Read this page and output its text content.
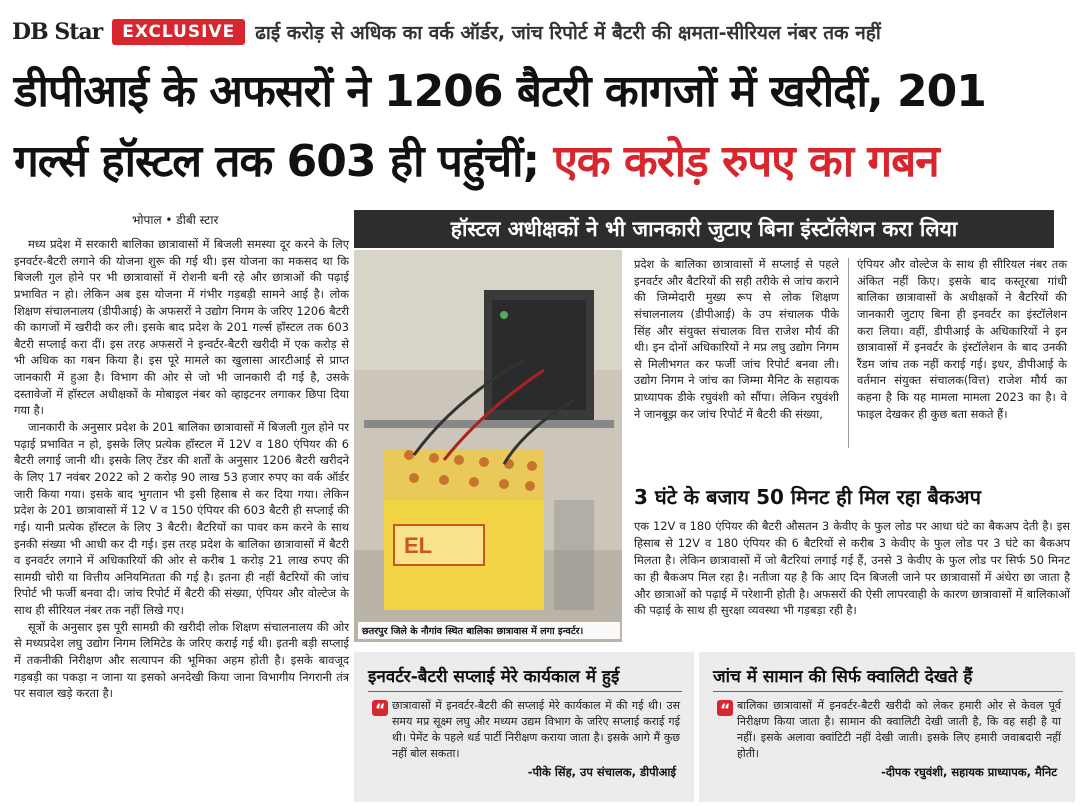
DB Star	EXCLUSIVE	ढाई करोड़ से अधिक का वर्क ऑर्डर, जांच रिपोर्ट में बैटरी की क्षमता-सीरियल नंबर तक नहीं
डीपीआई के अफसरों ने 1206 बैटरी कागजों में खरीदीं, 201
गर्ल्स हॉस्टल तक 603 ही पहुंचीं; एक करोड़ रुपए का गबन
भोपाल • डीबी स्टार

मध्य प्रदेश में सरकारी बालिका छात्रावासों में बिजली समस्या दूर करने के लिए इनवर्टर-बैटरी लगाने की योजना शुरू की गई थी। इस योजना का मकसद था कि बिजली गुल होने पर भी छात्रावासों में रोशनी बनी रहे और छात्राओं की पढ़ाई प्रभावित न हो। लेकिन अब इस योजना में गंभीर गड़बड़ी सामने आई है। लोक शिक्षण संचालनालय (डीपीआई) के अफसरों ने उद्योग निगम के जरिए 1206 बैटरी की कागजों में खरीदी कर ली। इसके बाद प्रदेश के 201 गर्ल्स हॉस्टल तक 603 बैटरी सप्लाई करा दीं। इस तरह अफसरों ने इन्वर्टर-बैटरी खरीदी में एक करोड़ से भी अधिक का गबन किया है। इस पूरे मामले का खुलासा आरटीआई से प्राप्त जानकारी में हुआ है। विभाग की ओर से जो भी जानकारी दी गई है, उसके दस्तावेजों में हॉस्टल अधीक्षकों के मोबाइल नंबर को व्हाइटनर लगाकर छिपा दिया गया है।

जानकारी के अनुसार प्रदेश के 201 बालिका छात्रावासों में बिजली गुल होने पर पढ़ाई प्रभावित न हो, इसके लिए प्रत्येक हॉस्टल में 12V व 180 एंपियर की 6 बैटरी लगाई जानी थी। इसके लिए टेंडर की शर्तों के अनुसार 1206 बैटरी खरीदने के लिए 17 नवंबर 2022 को 2 करोड़ 90 लाख 53 हजार रुपए का वर्क ऑर्डर जारी किया गया। इसके बाद भुगतान भी इसी हिसाब से कर दिया गया। लेकिन प्रदेश के 201 छात्रावासों में 12 V व 150 एंपियर की 603 बैटरी ही सप्लाई की गई। यानी प्रत्येक हॉस्टल के लिए 3 बैटरी। बैटरियों का पावर कम करने के साथ इनकी संख्या भी आधी कर दी गई। इस तरह प्रदेश के बालिका छात्रावासों में बैटरी व इनवर्टर लगाने में अधिकारियों की ओर से करीब 1 करोड़ 21 लाख रुपए की सामग्री चोरी या वित्तीय अनियमितता की गई है। इतना ही नहीं बैटरियों की जांच रिपोर्ट भी फर्जी बनवा दी। जांच रिपोर्ट में बैटरी की संख्या, एंपियर और वोल्टेज के साथ ही सीरियल नंबर तक नहीं लिखे गए।

सूत्रों के अनुसार इस पूरी सामग्री की खरीदी लोक शिक्षण संचालनालय की ओर से मध्यप्रदेश लघु उद्योग निगम लिमिटेड के जरिए कराई गई थी। इतनी बड़ी सप्लाई में तकनीकी निरीक्षण और सत्यापन की भूमिका अहम होती है। इसके बावजूद गड़बड़ी का पकड़ा न जाना या इसको अनदेखी किया जाना विभागीय निगरानी तंत्र पर सवाल खड़े करता है।

हॉस्टल अधीक्षकों ने भी जानकारी जुटाए बिना इंस्टॉलेशन करा लिया
EL
छतरपुर जिले के नौगांव स्थित बालिका छात्रावास में लगा इन्वर्टर।
प्रदेश के बालिका छात्रावासों में सप्लाई से पहले इनवर्टर और बैटरियों की सही तरीके से जांच कराने की जिम्मेदारी मुख्य रूप से लोक शिक्षण संचालनालय (डीपीआई) के उप संचालक पीके सिंह और संयुक्त संचालक वित्त राजेश मौर्य की थी। इन दोनों अधिकारियों ने मप्र लघु उद्योग निगम से मिलीभगत कर फर्जी जांच रिपोर्ट बनवा ली। उद्योग निगम ने जांच का जिम्मा मैनिट के सहायक प्राध्यापक डीके रघुवंशी को सौंपा। लेकिन रघुवंशी ने जानबूझ कर जांच रिपोर्ट में बैटरी की संख्या,
एंपियर और वोल्टेज के साथ ही सीरियल नंबर तक अंकित नहीं किए। इसके बाद कस्तूरबा गांधी बालिका छात्रावासों के अधीक्षकों ने बैटरियों की जानकारी जुटाए बिना ही इनवर्टर का इंस्टॉलेशन करा लिया। वहीं, डीपीआई के अधिकारियों ने इन छात्रावासों में इनवर्टर के इंस्टॉलेशन के बाद उनकी रैंडम जांच तक नहीं कराई गई। इधर, डीपीआई के वर्तमान संयुक्त संचालक(वित्त) राजेश मौर्य का कहना है कि यह मामला मामला 2023 का है। वे फाइल देखकर ही कुछ बता सकते हैं।
3 घंटे के बजाय 50 मिनट ही मिल रहा बैकअप
एक 12V व 180 एंपियर की बैटरी औसतन 3 केवीए के फुल लोड पर आधा घंटे का बैकअप देती है। इस हिसाब से 12V व 180 एंपियर की 6 बैटरियों से करीब 3 केवीए के फुल लोड पर 3 घंटे का बैकअप मिलता है। लेकिन छात्रावासों में जो बैटरियां लगाई गई हैं, उनसे 3 केवीए के फुल लोड पर सिर्फ 50 मिनट का ही बैकअप मिल रहा है। नतीजा यह है कि आए दिन बिजली जाने पर छात्रावासों में अंधेरा छा जाता है और छात्राओं को पढ़ाई में परेशानी होती है। अफसरों की ऐसी लापरवाही के कारण छात्रावासों में बालिकाओं की पढ़ाई के साथ ही सुरक्षा व्यवस्था भी गड़बड़ा रही है।
इनवर्टर-बैटरी सप्लाई मेरे कार्यकाल में हुई
“
छात्रावासों में इनवर्टर-बैटरी की सप्लाई मेरे कार्यकाल में की गई थी। उस समय मप्र सूक्ष्म लघु और मध्यम उद्यम विभाग के जरिए सप्लाई कराई गई थी। पेमेंट के पहले थर्ड पार्टी निरीक्षण कराया जाता है। इसके आगे मैं कुछ नहीं बोल सकता।
-पीके सिंह, उप संचालक, डीपीआई
जांच में सामान की सिर्फ क्वालिटी देखते हैं
“
बालिका छात्रावासों में इनवर्टर-बैटरी खरीदी को लेकर हमारी ओर से केवल पूर्व निरीक्षण किया जाता है। सामान की क्वालिटी देखी जाती है, कि वह सही है या नहीं। इसके अलावा क्वांटिटी नहीं देखी जाती। इसके लिए हमारी जवाबदारी नहीं होती।
-दीपक रघुवंशी, सहायक प्राध्यापक, मैनिट
